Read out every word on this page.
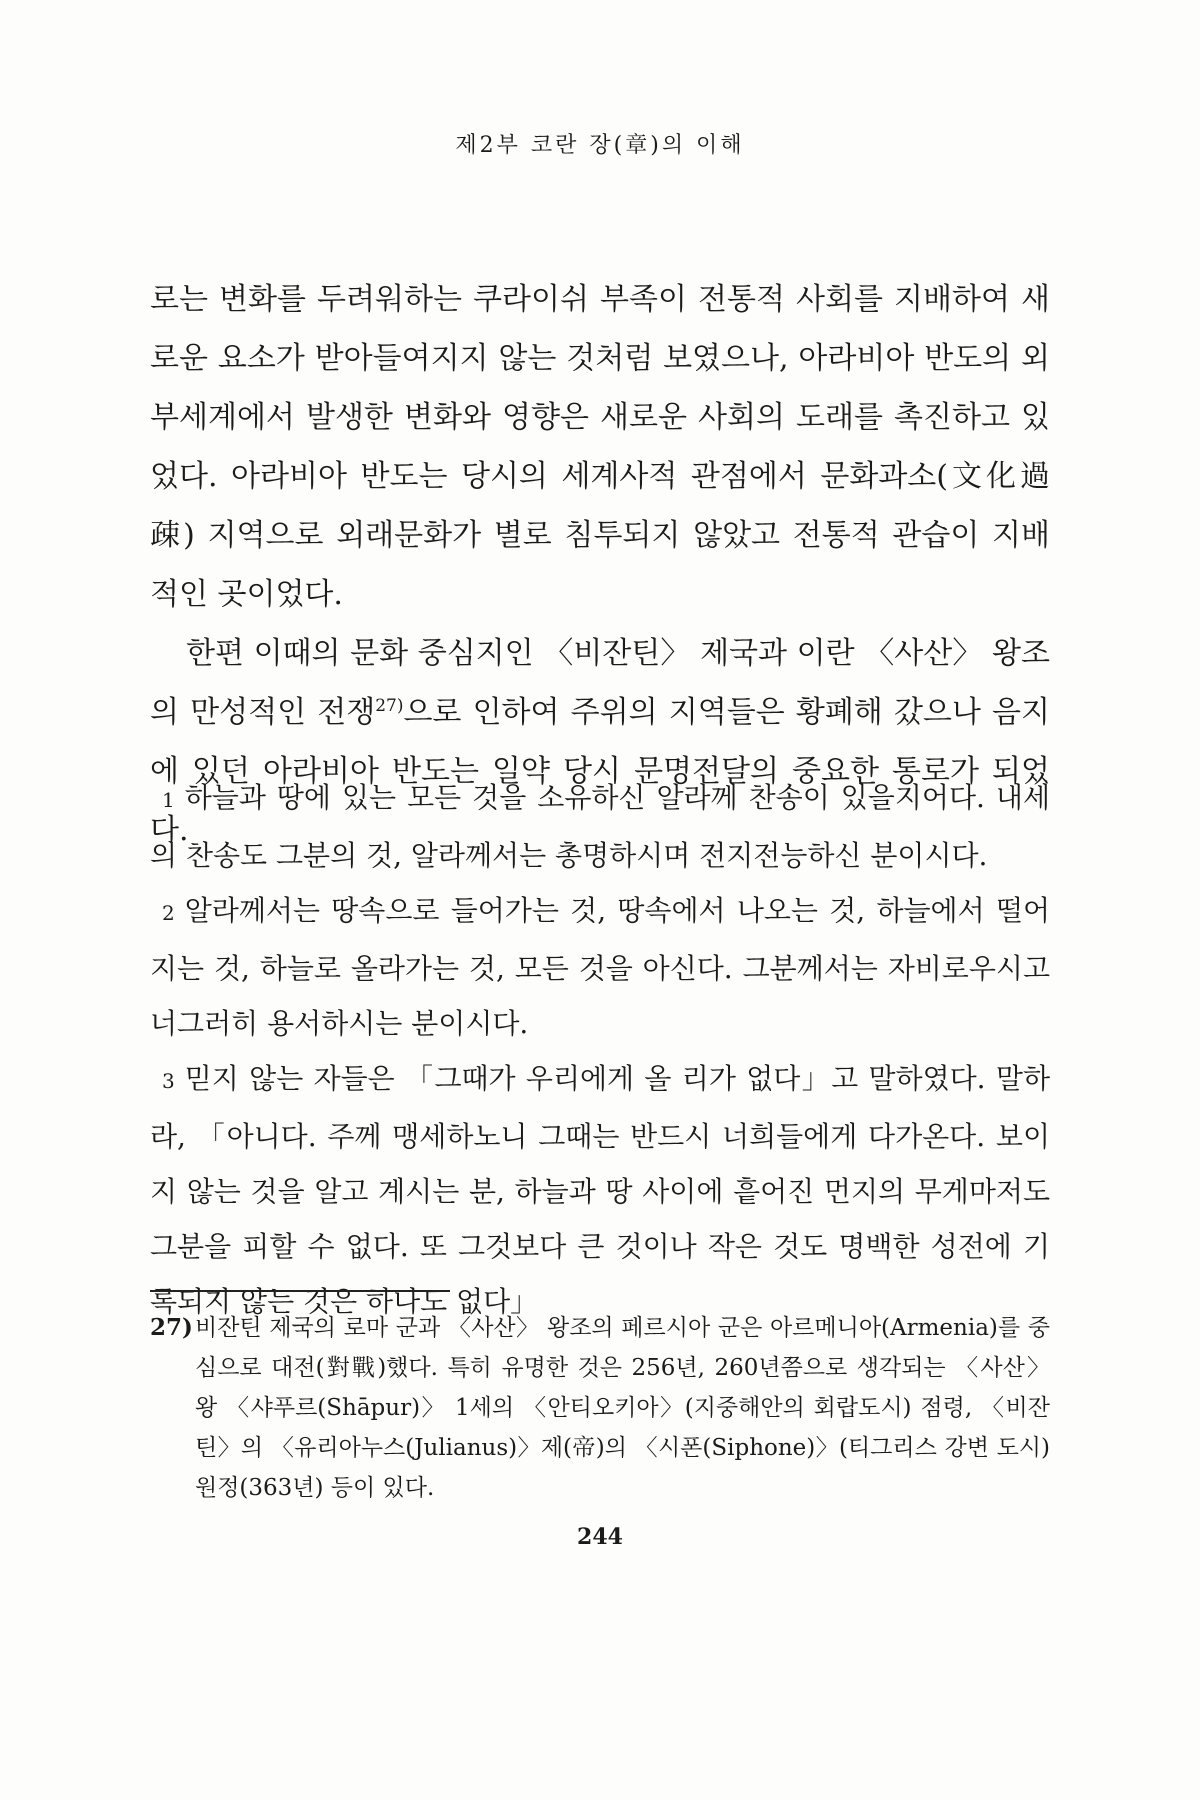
제2부 코란 장(章)의 이해

로는 변화를 두려워하는 쿠라이쉬 부족이 전통적 사회를 지배하여 새로운 요소가 받아들여지지 않는 것처럼 보였으나, 아라비아 반도의 외부세계에서 발생한 변화와 영향은 새로운 사회의 도래를 촉진하고 있었다. 아라비아 반도는 당시의 세계사적 관점에서 문화과소(文化過疎) 지역으로 외래문화가 별로 침투되지 않았고 전통적 관습이 지배적인 곳이었다.

한편 이때의 문화 중심지인 〈비잔틴〉 제국과 이란 〈사산〉 왕조의 만성적인 전쟁$^{27)}$으로 인하여 주위의 지역들은 황폐해 갔으나 음지에 있던 아라비아 반도는 일약 당시 문명전달의 중요한 통로가 되었다.

1 하늘과 땅에 있는 모든 것을 소유하신 알라께 찬송이 있을지어다. 내세의 찬송도 그분의 것, 알라께서는 총명하시며 전지전능하신 분이시다.

2 알라께서는 땅속으로 들어가는 것, 땅속에서 나오는 것, 하늘에서 떨어지는 것, 하늘로 올라가는 것, 모든 것을 아신다. 그분께서는 자비로우시고 너그러히 용서하시는 분이시다.

3 믿지 않는 자들은 「그때가 우리에게 올 리가 없다」고 말하였다. 말하라, 「아니다. 주께 맹세하노니 그때는 반드시 너희들에게 다가온다. 보이지 않는 것을 알고 계시는 분, 하늘과 땅 사이에 흩어진 먼지의 무게마저도 그분을 피할 수 없다. 또 그것보다 큰 것이나 작은 것도 명백한 성전에 기록되지 않는 것은 하나도 없다」

27)비잔틴 제국의 로마 군과 〈사산〉 왕조의 페르시아 군은 아르메니아(Armenia)를 중심으로 대전(對戰)했다. 특히 유명한 것은 256년, 260년쯤으로 생각되는 〈사산〉 왕 〈샤푸르(Shāpur)〉 1세의 〈안티오키아〉(지중해안의 회랍도시) 점령, 〈비잔틴〉의 〈유리아누스(Julianus)〉제(帝)의 〈시폰(Siphone)〉(티그리스 강변 도시) 원정(363년) 등이 있다.

244
